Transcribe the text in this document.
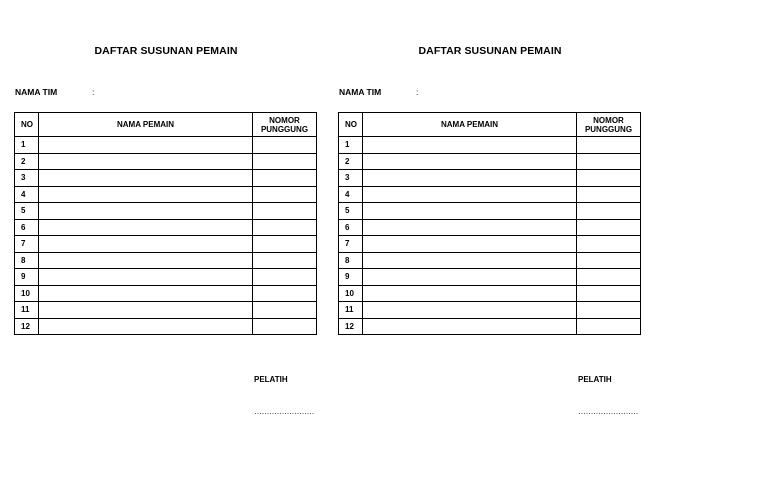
DAFTAR SUSUNAN PEMAIN
NAMA TIM	:
NO	NAMA PEMAIN	NOMOR PUNGGUNG
1		
2		
3		
4		
5		
6		
7		
8		
9		
10		
11		
12		
PELATIH
……………………
DAFTAR SUSUNAN PEMAIN
NAMA TIM	:
NO	NAMA PEMAIN	NOMOR PUNGGUNG
1		
2		
3		
4		
5		
6		
7		
8		
9		
10		
11		
12		
PELATIH
……………………
